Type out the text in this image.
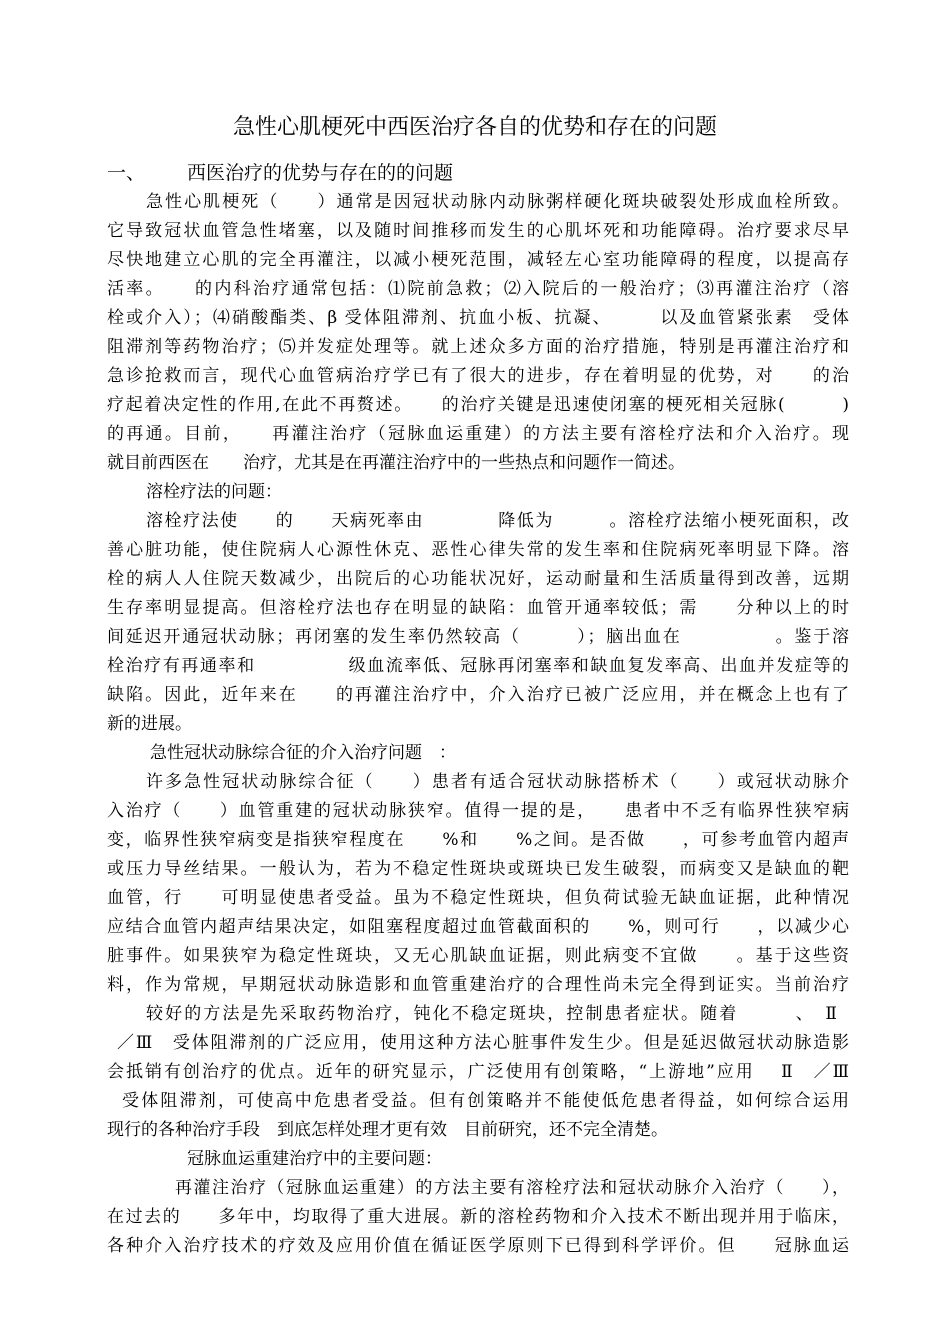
急性心肌梗死中西医治疗各自的优势和存在的问题
一、 西医治疗的优势与存在的的问题
急性心肌梗死（　　）通常是因冠状动脉内动脉粥样硬化斑块破裂处形成血栓所致。
它导致冠状血管急性堵塞，以及随时间推移而发生的心肌坏死和功能障碍。治疗要求尽早
尽快地建立心肌的完全再灌注，以减小梗死范围，减轻左心室功能障碍的程度，以提高存
活率。　　的内科治疗通常包括：⑴院前急救；⑵入院后的一般治疗；⑶再灌注治疗（溶
栓或介入）；⑷硝酸酯类、β 受体阻滞剂、抗血小板、抗凝、　　　以及血管紧张素　受体
阻滞剂等药物治疗；⑸并发症处理等。就上述众多方面的治疗措施，特别是再灌注治疗和
急诊抢救而言，现代心血管病治疗学已有了很大的进步，存在着明显的优势，对　　的治
疗起着决定性的作用,在此不再赘述。　　的治疗关键是迅速使闭塞的梗死相关冠脉(　　　)
的再通。目前，　　再灌注治疗（冠脉血运重建）的方法主要有溶栓疗法和介入治疗。现
就目前西医在　　治疗，尤其是在再灌注治疗中的一些热点和问题作一简述。
溶栓疗法的问题：
溶栓疗法使　　的　　天病死率由　　　　降低为　　　。溶栓疗法缩小梗死面积，改
善心脏功能，使住院病人心源性休克、恶性心律失常的发生率和住院病死率明显下降。溶
栓的病人人住院天数减少，出院后的心功能状况好，运动耐量和生活质量得到改善，远期
生存率明显提高。但溶栓疗法也存在明显的缺陷：血管开通率较低；需　　分种以上的时
间延迟开通冠状动脉；再闭塞的发生率仍然较高（　　　）；脑出血在　　　　　。鉴于溶
栓治疗有再通率和　　　　　级血流率低、冠脉再闭塞率和缺血复发率高、出血并发症等的
缺陷。因此，近年来在　　的再灌注治疗中，介入治疗已被广泛应用，并在概念上也有了
新的进展。
急性冠状动脉综合征的介入治疗问题　：
许多急性冠状动脉综合征（　　）患者有适合冠状动脉搭桥术（　　）或冠状动脉介
入治疗（　　）血管重建的冠状动脉狭窄。值得一提的是，　　患者中不乏有临界性狭窄病
变，临界性狭窄病变是指狭窄程度在　　%和　　%之间。是否做　　，可参考血管内超声
或压力导丝结果。一般认为，若为不稳定性斑块或斑块已发生破裂，而病变又是缺血的靶
血管，行　　可明显使患者受益。虽为不稳定性斑块，但负荷试验无缺血证据，此种情况
应结合血管内超声结果决定，如阻塞程度超过血管截面积的　　%，则可行　　，以减少心
脏事件。如果狭窄为稳定性斑块，又无心肌缺血证据，则此病变不宜做　　。基于这些资
料，作为常规，早期冠状动脉造影和血管重建治疗的合理性尚未完全得到证实。当前治疗
较好的方法是先采取药物治疗，钝化不稳定斑块，控制患者症状。随着　　　、　Ⅱ
／Ⅲ　受体阻滞剂的广泛应用，使用这种方法心脏事件发生少。但是延迟做冠状动脉造影
会抵销有创治疗的优点。近年的研究显示，广泛使用有创策略，“上游地”应用　 Ⅱ　／Ⅲ
受体阻滞剂，可使高中危患者受益。但有创策略并不能使低危患者得益，如何综合运用
现行的各种治疗手段　到底怎样处理才更有效　目前研究，还不完全清楚。
冠脉血运重建治疗中的主要问题：
再灌注治疗（冠脉血运重建）的方法主要有溶栓疗法和冠状动脉介入治疗（　　），
在过去的　　多年中，均取得了重大进展。新的溶栓药物和介入技术不断出现并用于临床，
各种介入治疗技术的疗效及应用价值在循证医学原则下已得到科学评价。但　　冠脉血运
